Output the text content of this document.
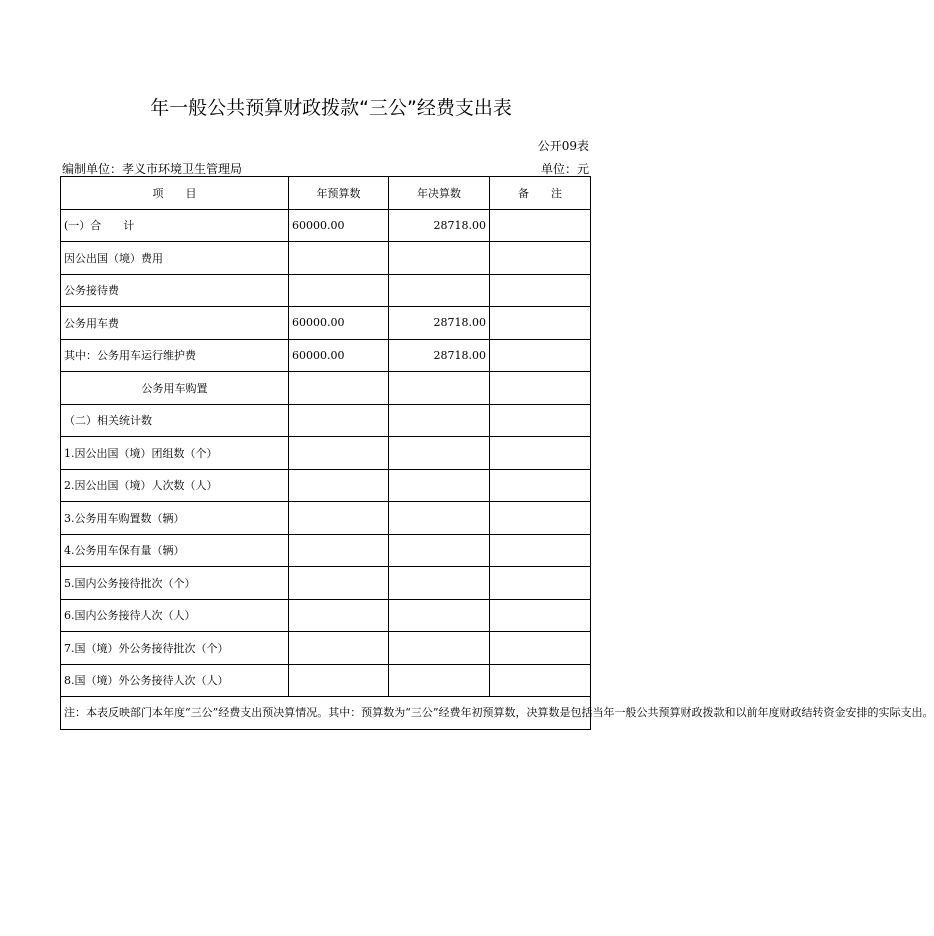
年一般公共预算财政拨款“三公”经费支出表
公开09表
编制单位：孝义市环境卫生管理局	单位：元
项　　目	年预算数	年决算数	备　　注
(一）合　　计	60000.00	28718.00	
因公出国（境）费用			
公务接待费			
公务用车费	60000.00	28718.00	
其中：公务用车运行维护费	60000.00	28718.00	
公务用车购置			
（二）相关统计数			
1.因公出国（境）团组数（个）			
2.因公出国（境）人次数（人）			
3.公务用车购置数（辆）			
4.公务用车保有量（辆）			
5.国内公务接待批次（个）			
6.国内公务接待人次（人）			
7.国（境）外公务接待批次（个）			
8.国（境）外公务接待人次（人）			
注：本表反映部门本年度“三公”经费支出预决算情况。其中：预算数为“三公”经费年初预算数，决算数是包括当年一般公共预算财政拨款和以前年度财政结转资金安排的实际支出。			
